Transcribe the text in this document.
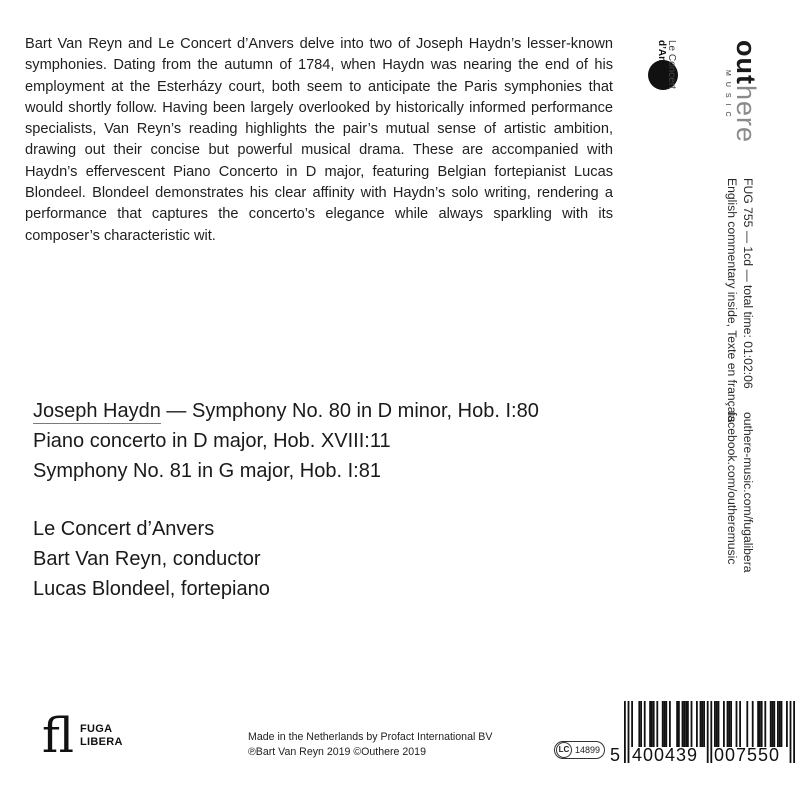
Bart Van Reyn and Le Concert d’Anvers delve into two of Joseph Haydn’s lesser-known symphonies. Dating from the autumn of 1784, when Haydn was nearing the end of his employment at the Esterházy court, both seem to anticipate the Paris symphonies that would shortly follow. Having been largely overlooked by historically informed performance specialists, Van Reyn’s reading highlights the pair’s mutual sense of artistic ambition, drawing out their concise but powerful musical drama. These are accompanied with Haydn’s effervescent Piano Concerto in D major, featuring Belgian fortepianist Lucas Blondeel. Blondeel demonstrates his clear affinity with Haydn’s solo writing, rendering a performance that captures the concerto’s elegance while always sparkling with its composer’s characteristic wit.

Joseph Haydn — Symphony No. 80 in D minor, Hob. I:80
Piano concerto in D major, Hob. XVIII:11
Symphony No. 81 in G major, Hob. I:81
Le Concert d’Anvers
Bart Van Reyn, conductor
Lucas Blondeel, fortepiano
outhere
MUSIC
Le Concert
d’Anvers
FUG 755 — 1cd — total time: 01:02:06
English commentary inside, Texte en français
outhere-music.com/fugalibera
facebook.com/outheremusic
fl FUGA
LIBERA	Made in the Netherlands by Profact International BV
℗Bart Van Reyn 2019 ©Outhere 2019	LC 14899 5 400439 007550
